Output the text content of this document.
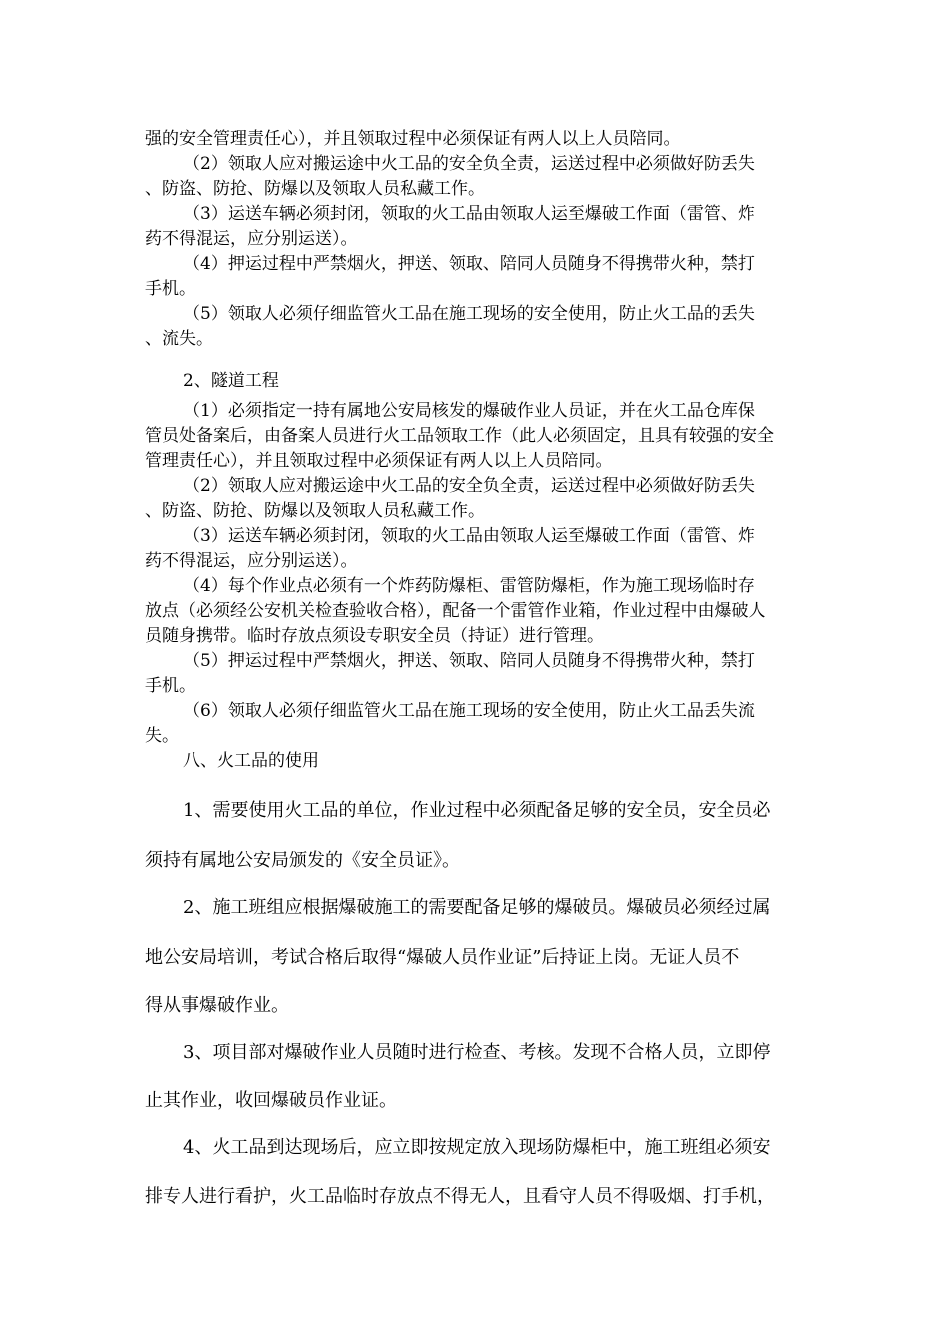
强的安全管理责任心），并且领取过程中必须保证有两人以上人员陪同。
（2）领取人应对搬运途中火工品的安全负全责，运送过程中必须做好防丢失
、防盗、防抢、防爆以及领取人员私藏工作。
（3）运送车辆必须封闭，领取的火工品由领取人运至爆破工作面（雷管、炸
药不得混运，应分别运送）。
（4）押运过程中严禁烟火，押送、领取、陪同人员随身不得携带火种，禁打
手机。
（5）领取人必须仔细监管火工品在施工现场的安全使用，防止火工品的丢失
、流失。
2、隧道工程
（1）必须指定一持有属地公安局核发的爆破作业人员证，并在火工品仓库保
管员处备案后，由备案人员进行火工品领取工作（此人必须固定，且具有较强的安全
管理责任心），并且领取过程中必须保证有两人以上人员陪同。
（2）领取人应对搬运途中火工品的安全负全责，运送过程中必须做好防丢失
、防盗、防抢、防爆以及领取人员私藏工作。
（3）运送车辆必须封闭，领取的火工品由领取人运至爆破工作面（雷管、炸
药不得混运，应分别运送）。
（4）每个作业点必须有一个炸药防爆柜、雷管防爆柜，作为施工现场临时存
放点（必须经公安机关检查验收合格），配备一个雷管作业箱，作业过程中由爆破人
员随身携带。临时存放点须设专职安全员（持证）进行管理。
（5）押运过程中严禁烟火，押送、领取、陪同人员随身不得携带火种，禁打
手机。
（6）领取人必须仔细监管火工品在施工现场的安全使用，防止火工品丢失流
失。
八、火工品的使用
1、需要使用火工品的单位，作业过程中必须配备足够的安全员，安全员必
须持有属地公安局颁发的《安全员证》。
2、施工班组应根据爆破施工的需要配备足够的爆破员。爆破员必须经过属
地公安局培训，考试合格后取得“爆破人员作业证”后持证上岗。无证人员不
得从事爆破作业。
3、项目部对爆破作业人员随时进行检查、考核。发现不合格人员，立即停
止其作业，收回爆破员作业证。
4、火工品到达现场后，应立即按规定放入现场防爆柜中，施工班组必须安
排专人进行看护，火工品临时存放点不得无人，且看守人员不得吸烟、打手机，
